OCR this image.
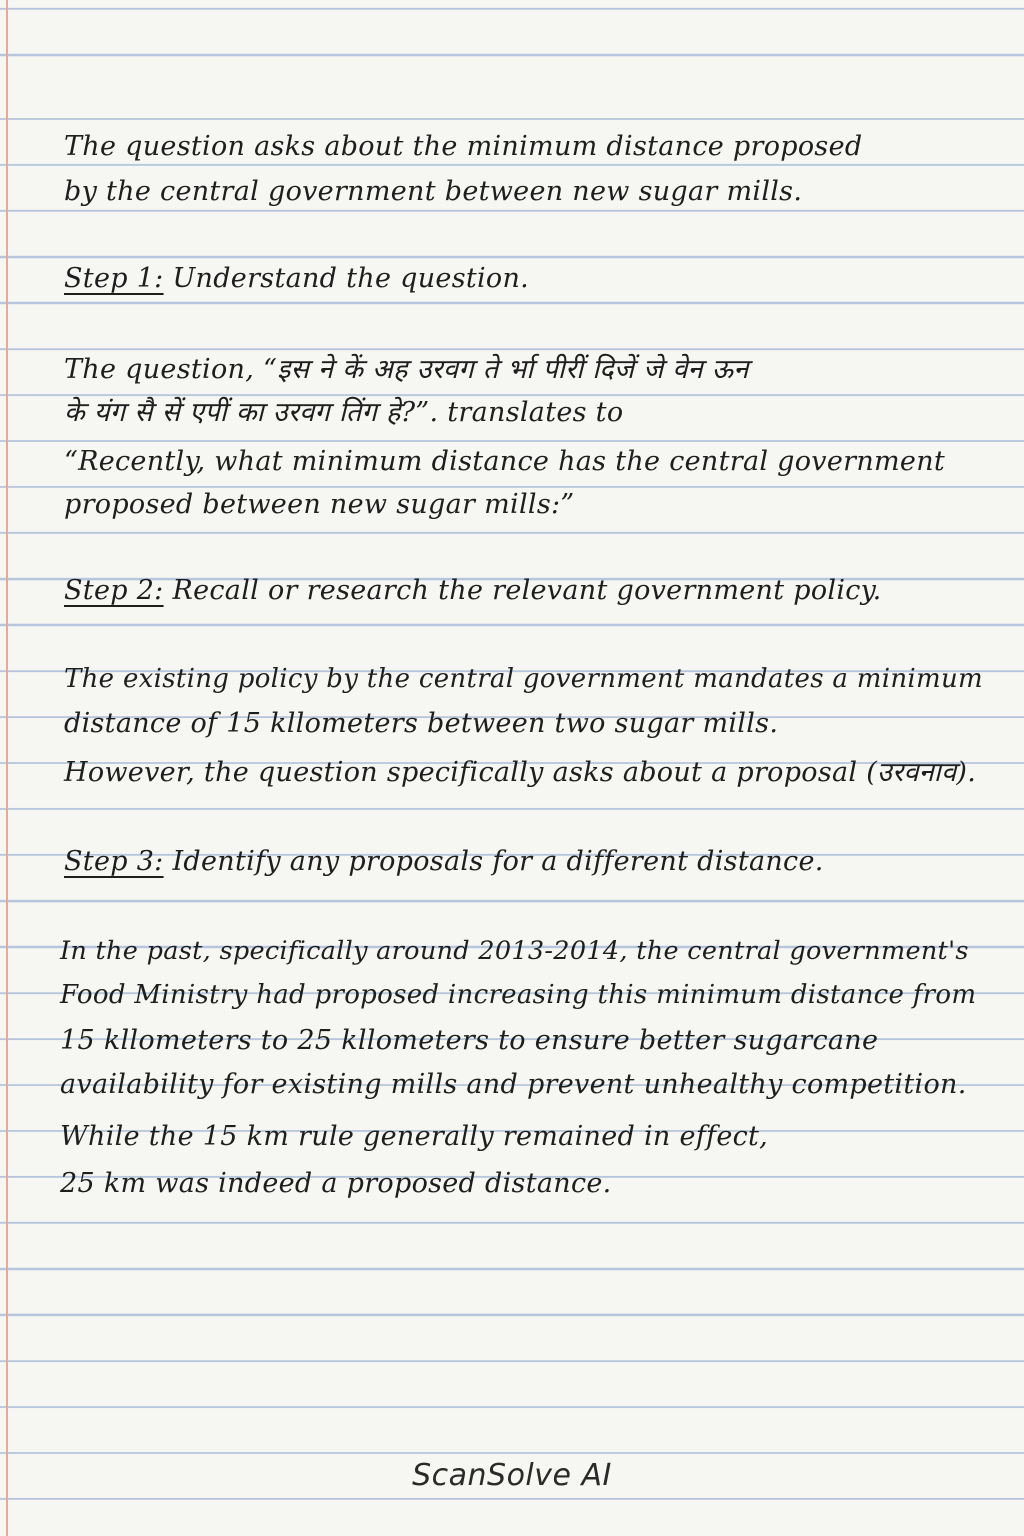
The question asks about the minimum distance proposed
by the central government between new sugar mills.
Step 1: Understand the question.
The question, “इस ने कें अह उरवग ते र्भा पीरीं दिजें जे वेन ऊन
के यंग सै सें एपीं का उरवग तिंग हे?”. translates to
“Recently, what minimum distance has the central government
proposed between new sugar mills:”
Step 2: Recall or research the relevant government policy.
The existing policy by the central government mandates a minimum
distance of 15 kllometers between two sugar mills.
However, the question specifically asks about a proposal (उरवनाव).
Step 3: Identify any proposals for a different distance.
In the past, specifically around 2013-2014, the central government's
Food Ministry had proposed increasing this minimum distance from
15 kllometers to 25 kllometers to ensure better sugarcane
availability for existing mills and prevent unhealthy competition.
While the 15 km rule generally remained in effect,
25 km was indeed a proposed distance.
ScanSolve AI
